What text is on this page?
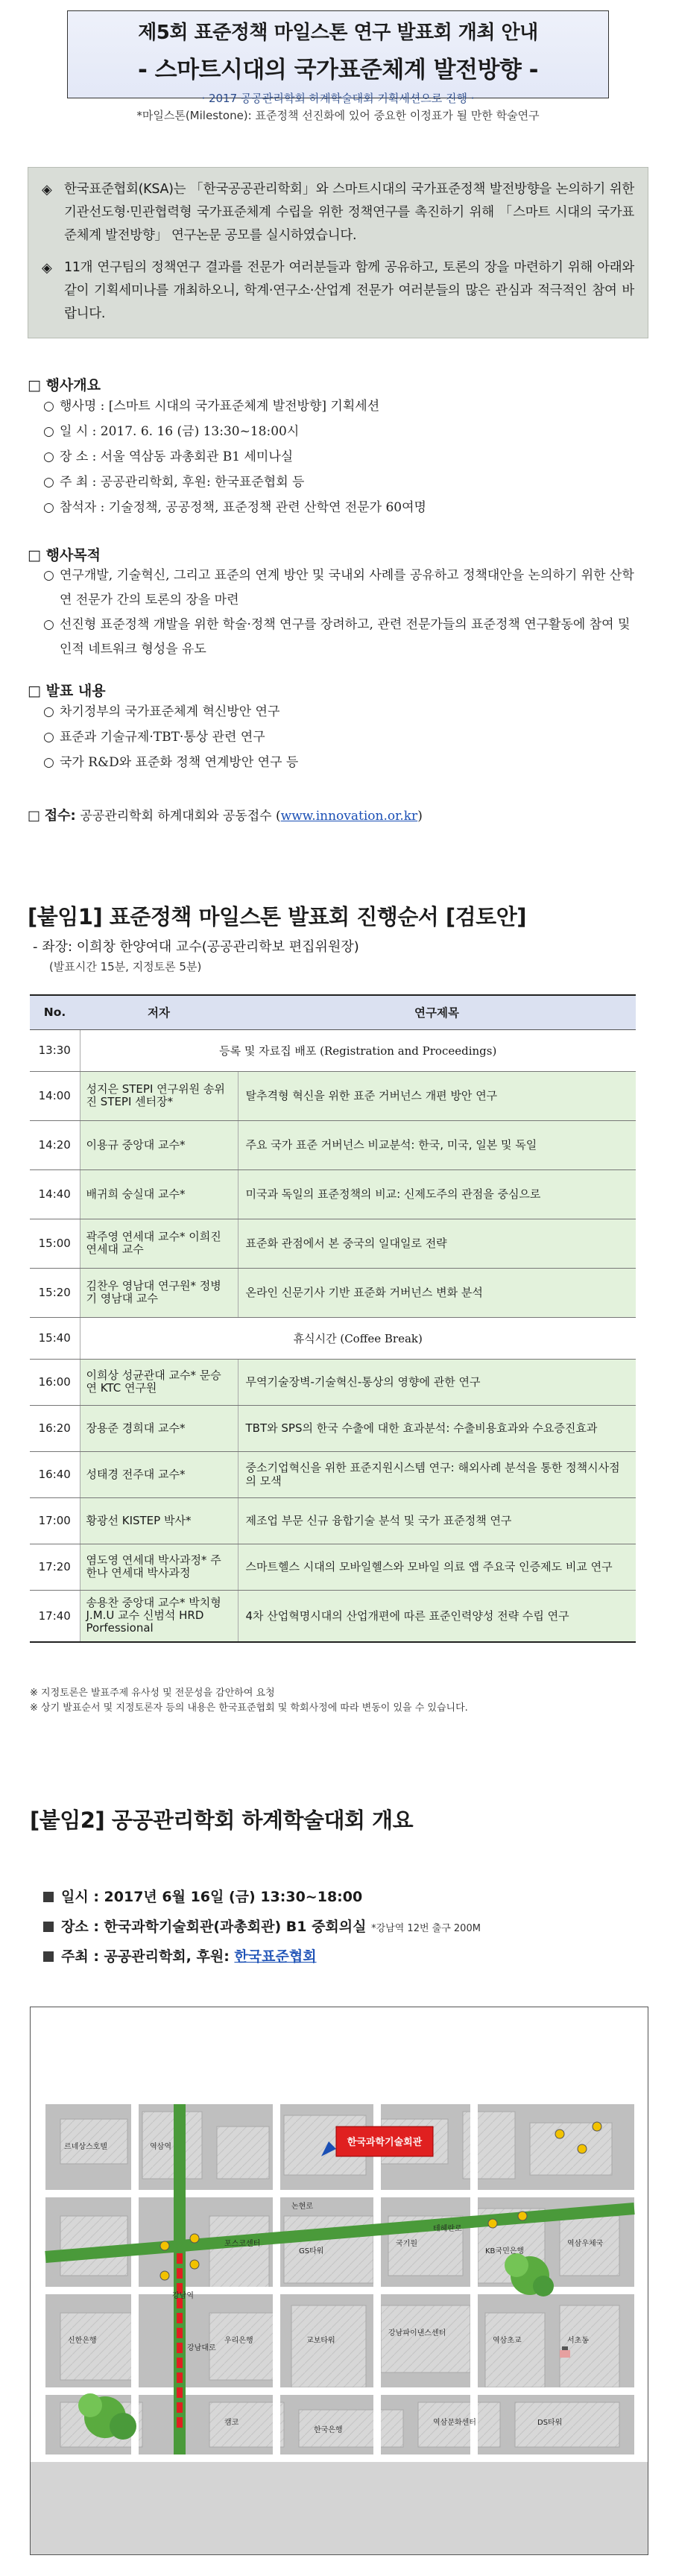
제5회 표준정책 마일스톤 연구 발표회 개최 안내
- 스마트시대의 국가표준체계 발전방향 -
· 2017 공공관리학회 하계학술대회 기획세션으로 진행 ·
*마일스톤(Milestone): 표준정책 선진화에 있어 중요한 이정표가 될 만한 학술연구
◈ 한국표준협회(KSA)는 「한국공공관리학회」와 스마트시대의 국가표준정책 발전방향을 논의하기 위한 기관선도형·민관협력형 국가표준체계 수립을 위한 정책연구를 촉진하기 위해 「스마트 시대의 국가표준체계 발전방향」 연구논문 공모를 실시하였습니다.
◈ 11개 연구팀의 정책연구 결과를 전문가 여러분들과 함께 공유하고, 토론의 장을 마련하기 위해 아래와 같이 기획세미나를 개최하오니, 학계·연구소·산업계 전문가 여러분들의 많은 관심과 적극적인 참여 바랍니다.
□ 행사개요
○ 행사명 : [스마트 시대의 국가표준체계 발전방향] 기획세션
○ 일 시 : 2017. 6. 16 (금) 13:30~18:00시
○ 장 소 : 서울 역삼동 과총회관 B1 세미나실
○ 주 최 : 공공관리학회, 후원: 한국표준협회 등
○ 참석자 : 기술정책, 공공정책, 표준정책 관련 산학연 전문가 60여명
□ 행사목적
○ 연구개발, 기술혁신, 그리고 표준의 연계 방안 및 국내외 사례를 공유하고 정책대안을 논의하기 위한 산학연 전문가 간의 토론의 장을 마련
○ 선진형 표준정책 개발을 위한 학술·정책 연구를 장려하고, 관련 전문가들의 표준정책 연구활동에 참여 및 인적 네트워크 형성을 유도
□ 발표 내용
○ 차기정부의 국가표준체계 혁신방안 연구
○ 표준과 기술규제·TBT·통상 관련 연구
○ 국가 R&D와 표준화 정책 연계방안 연구 등
□ 접수: 공공관리학회 하계대회와 공동접수 (www.innovation.or.kr)
[붙임1] 표준정책 마일스톤 발표회 진행순서 [검토안]
- 좌장: 이희창 한양여대 교수(공공관리학보 편집위원장)
(발표시간 15분, 지정토론 5분)
No.	저자	연구제목
13:30	등록 및 자료집 배포 (Registration and Proceedings)	
14:00	성지은 STEPI 연구위원 송위진 STEPI 센터장*	탈추격형 혁신을 위한 표준 거버넌스 개편 방안 연구
14:20	이용규 중앙대 교수*	주요 국가 표준 거버넌스 비교분석: 한국, 미국, 일본 및 독일
14:40	배귀희 숭실대 교수*	미국과 독일의 표준정책의 비교: 신제도주의 관점을 중심으로
15:00	곽주영 연세대 교수* 이희진 연세대 교수	표준화 관점에서 본 중국의 일대일로 전략
15:20	김찬우 영남대 연구원* 정병기 영남대 교수	온라인 신문기사 기반 표준화 거버넌스 변화 분석
15:40	휴식시간 (Coffee Break)	
16:00	이희상 성균관대 교수* 문승연 KTC 연구원	무역기술장벽-기술혁신-통상의 영향에 관한 연구
16:20	장용준 경희대 교수*	TBT와 SPS의 한국 수출에 대한 효과분석: 수출비용효과와 수요증진효과
16:40	성태경 전주대 교수*	중소기업혁신을 위한 표준지원시스템 연구: 해외사례 분석을 통한 정책시사점의 모색
17:00	황광선 KISTEP 박사*	제조업 부문 신규 융합기술 분석 및 국가 표준정책 연구
17:20	염도영 연세대 박사과정* 주한나 연세대 박사과정	스마트헬스 시대의 모바일헬스와 모바일 의료 앱 주요국 인증제도 비교 연구
17:40	송용찬 중앙대 교수* 박치형 J.M.U 교수 신범석 HRD Porfessional	4차 산업혁명시대의 산업개편에 따른 표준인력양성 전략 수립 연구
※ 지정토론은 발표주제 유사성 및 전문성을 감안하여 요청
※ 상기 발표순서 및 지정토론자 등의 내용은 한국표준협회 및 학회사정에 따라 변동이 있을 수 있습니다.
[붙임2] 공공관리학회 하계학술대회 개요
일시 : 2017년 6월 16일 (금) 13:30~18:00
장소 : 한국과학기술회관(과총회관) B1 중회의실 *강남역 12번 출구 200M
주최 : 공공관리학회, 후원: 한국표준협회
한국과학기술회관
르네상스호텔	역삼역
강남역
테헤란로
강남대로
논현로
포스코센터
GS타워
국기원
KB국민은행
역삼우체국
신한은행	우리은행	교보타워
강남파이낸스센터
역삼초교	서초동
캠코
한국은행
역삼문화센터	DS타워
